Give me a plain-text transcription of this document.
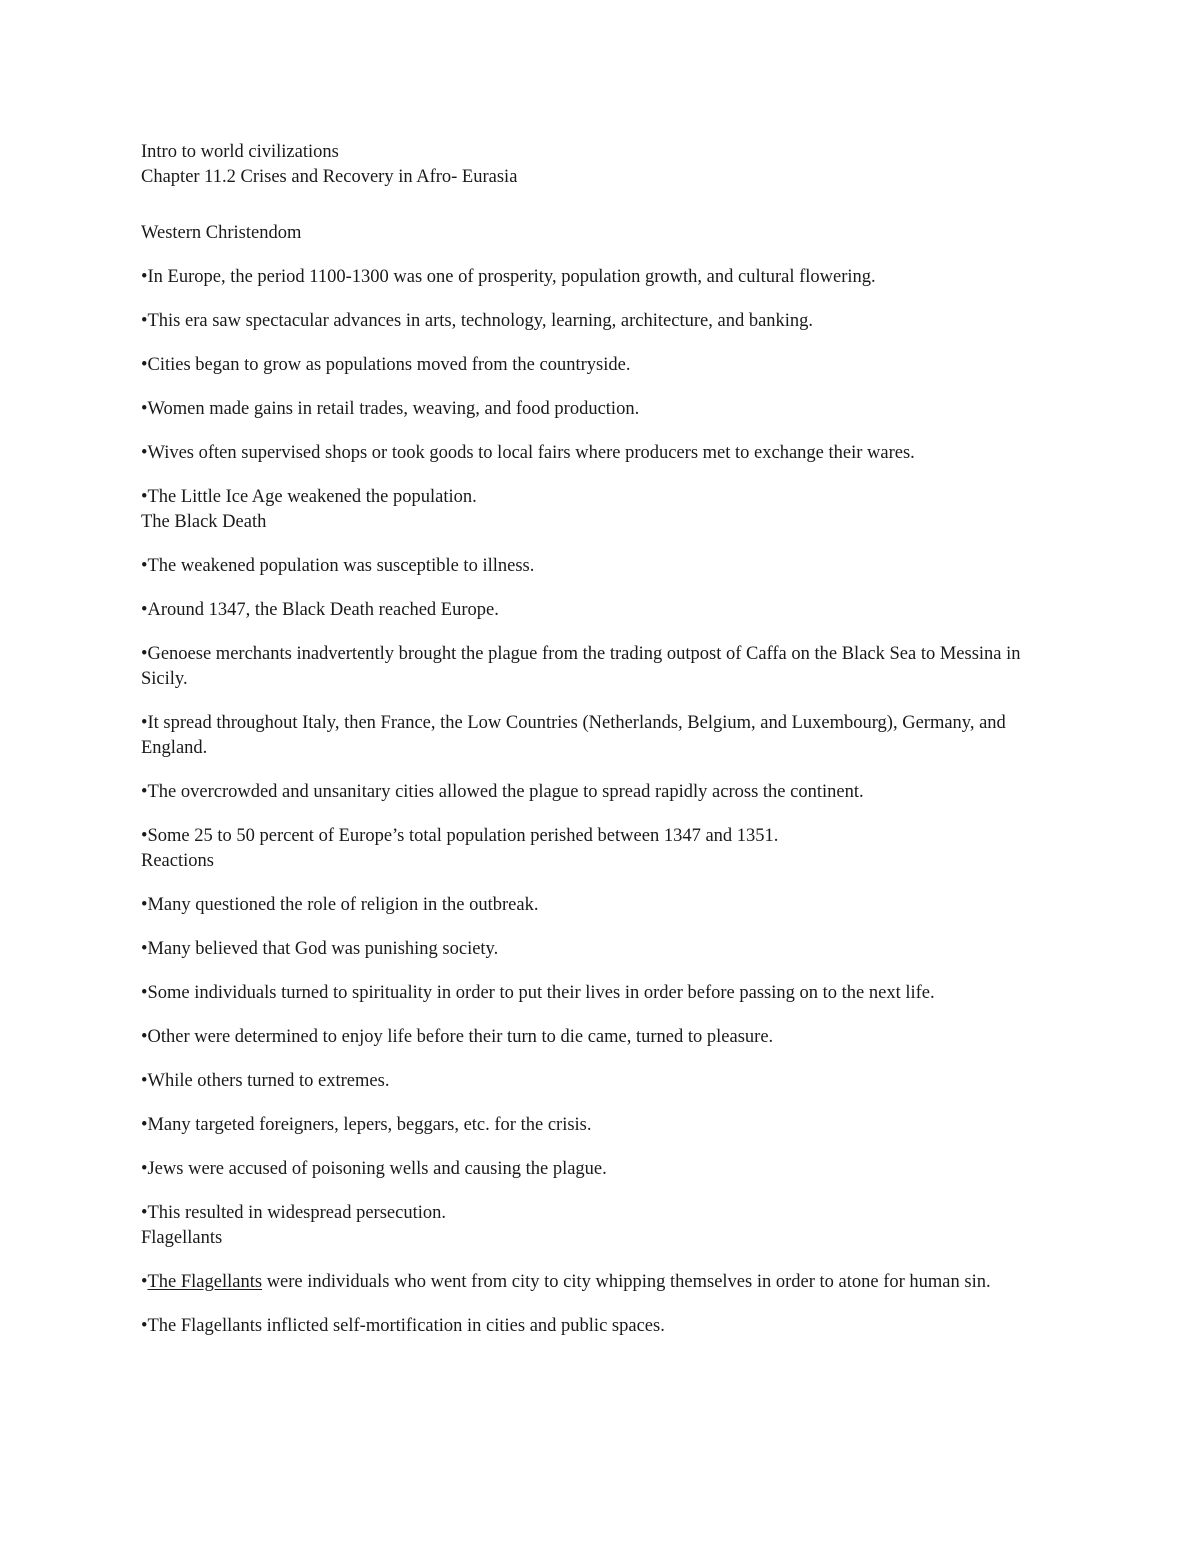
Intro to world civilizations

Chapter 11.2 Crises and Recovery in Afro- Eurasia

Western Christendom

•In Europe, the period 1100-1300 was one of prosperity, population growth, and cultural flowering.

•This era saw spectacular advances in arts, technology, learning, architecture, and banking.

•Cities began to grow as populations moved from the countryside.

•Women made gains in retail trades, weaving, and food production.

•Wives often supervised shops or took goods to local fairs where producers met to exchange their wares.

•The Little Ice Age weakened the population.

The Black Death

•The weakened population was susceptible to illness.

•Around 1347, the Black Death reached Europe.

•Genoese merchants inadvertently brought the plague from the trading outpost of Caffa on the Black Sea to Messina in Sicily.

•It spread throughout Italy, then France, the Low Countries (Netherlands, Belgium, and Luxembourg), Germany, and England.

•The overcrowded and unsanitary cities allowed the plague to spread rapidly across the continent.

•Some 25 to 50 percent of Europe’s total population perished between 1347 and 1351.

Reactions

•Many questioned the role of religion in the outbreak.

•Many believed that God was punishing society.

•Some individuals turned to spirituality in order to put their lives in order before passing on to the next life.

•Other were determined to enjoy life before their turn to die came, turned to pleasure.

•While others turned to extremes.

•Many targeted foreigners, lepers, beggars, etc. for the crisis.

•Jews were accused of poisoning wells and causing the plague.

•This resulted in widespread persecution.

Flagellants

•The Flagellants were individuals who went from city to city whipping themselves in order to atone for human sin.

•The Flagellants inflicted self-mortification in cities and public spaces.
